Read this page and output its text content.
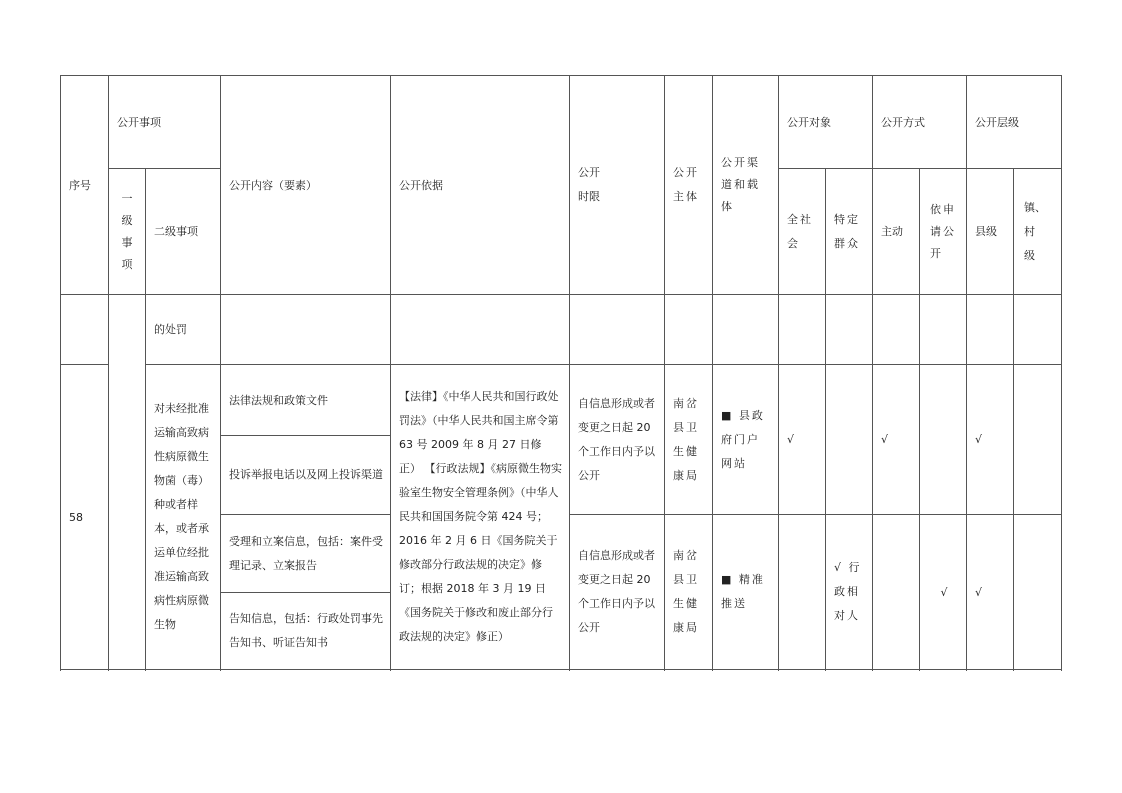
序号	公开事项		公开内容（要素）	公开依据	公开时限	公开主体	公开渠道和载体	公开对象		公开方式		公开层级	

	一级事项	二级事项						全社会	特定群众	主动	依申请公开	县级	镇、村级

		的处罚											
58		对未经批准运输高致病性病原微生物菌（毒）种或者样本，或者承运单位经批准运输高致病性病原微生物	法律法规和政策文件	【法律】《中华人民共和国行政处罚法》（中华人民共和国主席令第 63 号 2009 年 8 月 27 日修正） 【行政法规】《病原微生物实验室生物安全管理条例》（中华人民共和国国务院令第 424 号；2016 年 2 月 6 日《国务院关于修改部分行政法规的决定》修订；根据 2018 年 3 月 19 日《国务院关于修改和废止部分行政法规的决定》修正）	自信息形成或者变更之日起 20 个工作日内予以公开	南岔县卫生健康局	■ 县政府门户网站	√		√		√	
			投诉举报电话以及网上投诉渠道										

			受理和立案信息，包括：案件受理记录、立案报告		自信息形成或者变更之日起 20 个工作日内予以公开	南岔县卫生健康局	■ 精准推送		√ 行政相对人		√	√	
			告知信息，包括：行政处罚事先告知书、听证告知书										
